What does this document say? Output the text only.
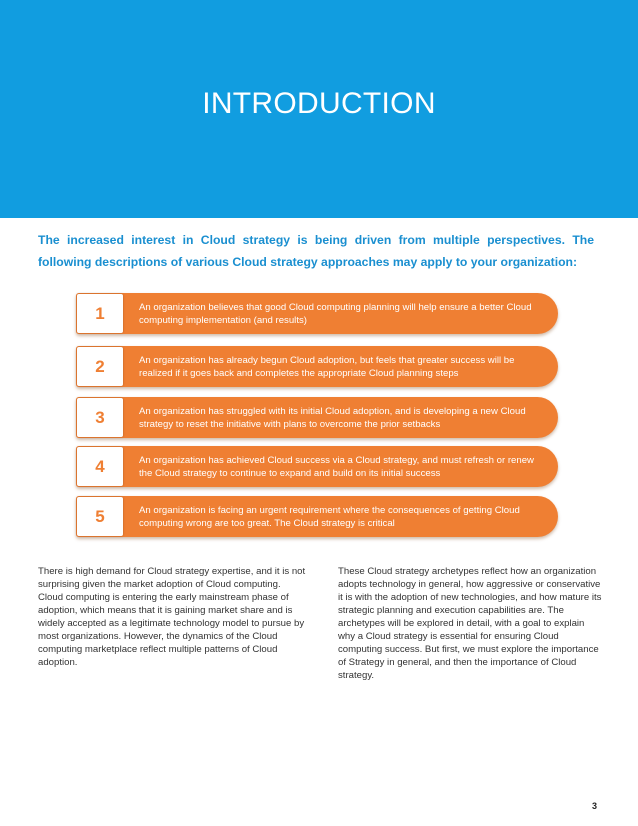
INTRODUCTION
The increased interest in Cloud strategy is being driven from multiple perspectives. The following descriptions of various Cloud strategy approaches may apply to your organization:
1	An organization believes that good Cloud computing planning will help ensure a better Cloud computing implementation (and results)
2	An organization has already begun Cloud adoption, but feels that greater success will be realized if it goes back and completes the appropriate Cloud planning steps
3	An organization has struggled with its initial Cloud adoption, and is developing a new Cloud strategy to reset the initiative with plans to overcome the prior setbacks
4	An organization has achieved Cloud success via a Cloud strategy, and must refresh or renew the Cloud strategy to continue to expand and build on its initial success
5	An organization is facing an urgent requirement where the consequences of getting Cloud computing wrong are too great. The Cloud strategy is critical
There is high demand for Cloud strategy expertise, and it is not surprising given the market adoption of Cloud computing. Cloud computing is entering the early mainstream phase of adoption, which means that it is gaining market share and is widely accepted as a legitimate technology model to pursue by most organizations. However, the dynamics of the Cloud computing marketplace reflect multiple patterns of Cloud adoption.
These Cloud strategy archetypes reflect how an organization adopts technology in general, how aggressive or conservative it is with the adoption of new technologies, and how mature its strategic planning and execution capabilities are. The archetypes will be explored in detail, with a goal to explain why a Cloud strategy is essential for ensuring Cloud computing success. But first, we must explore the importance of Strategy in general, and then the importance of Cloud strategy.
3
